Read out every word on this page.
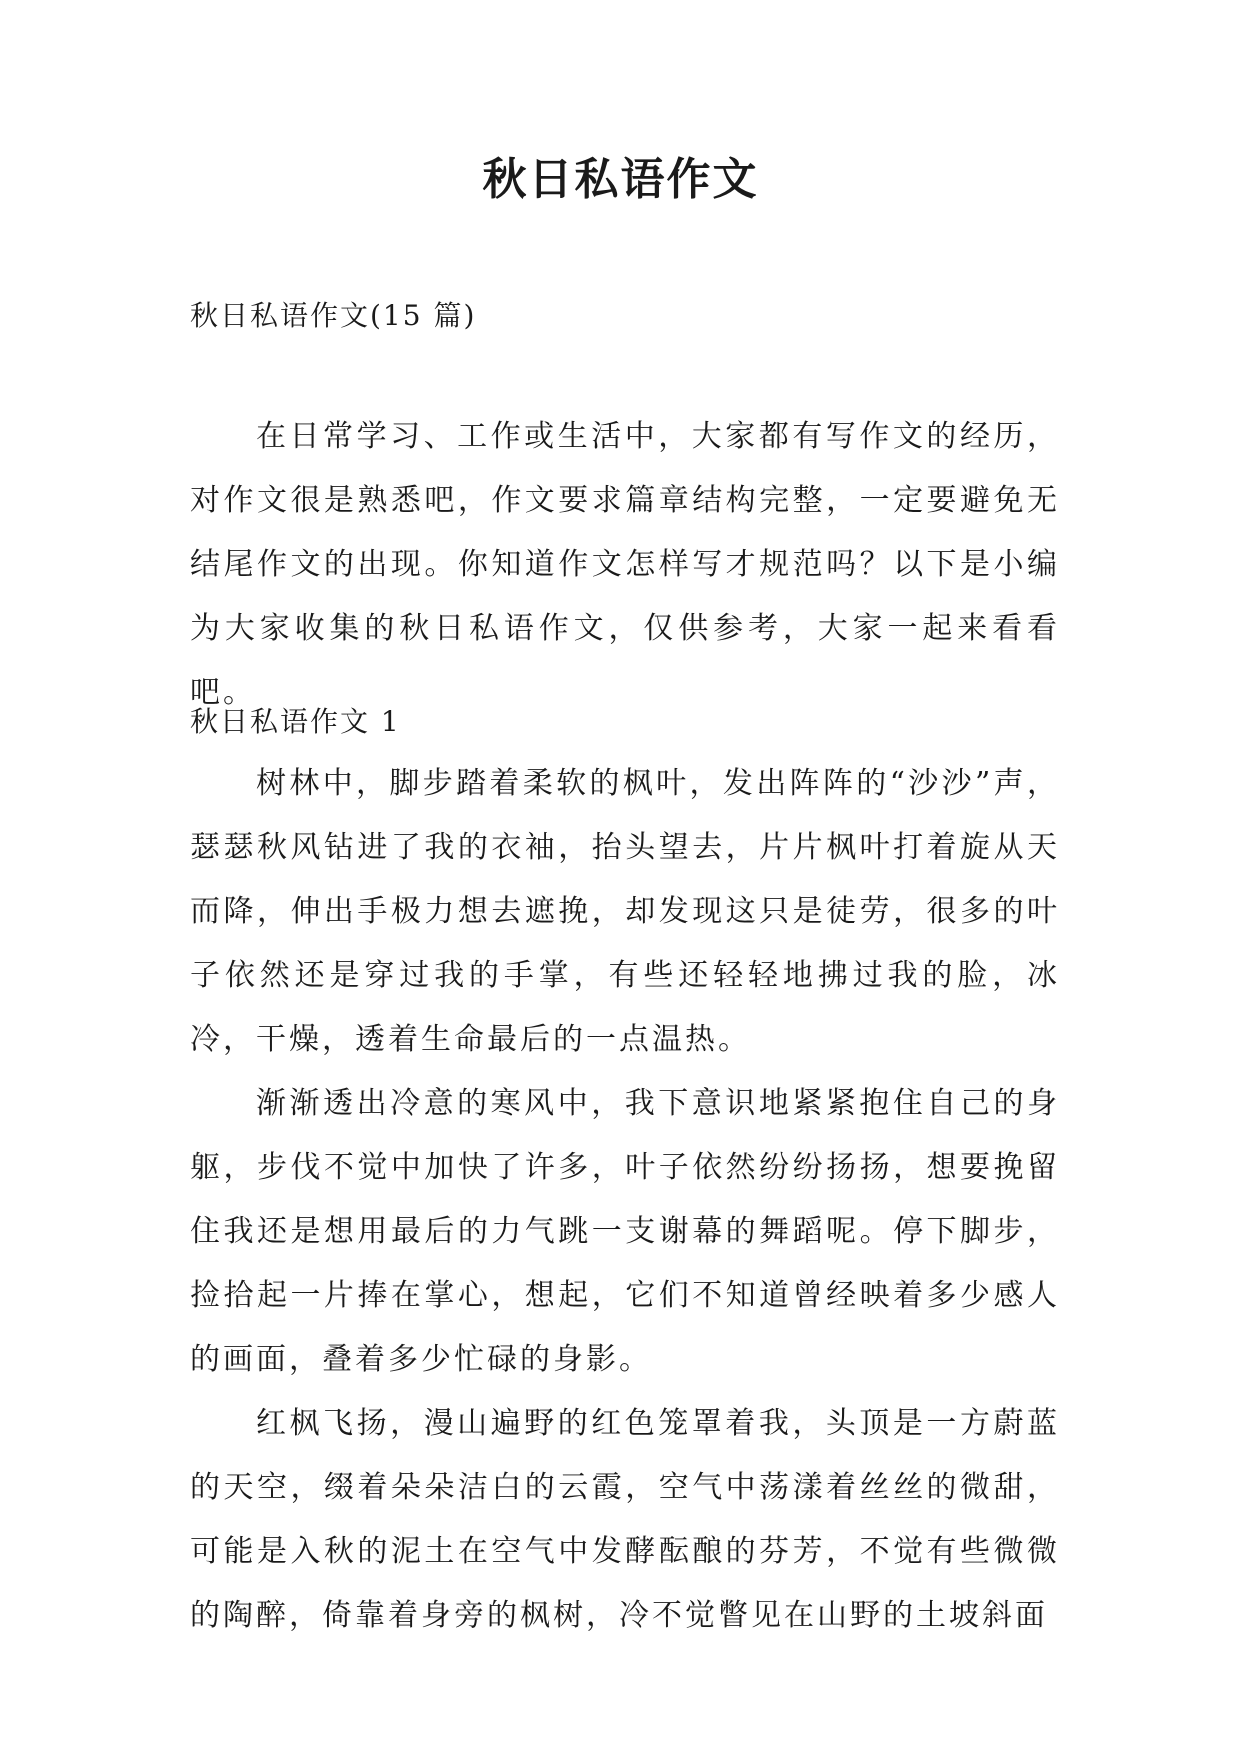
秋日私语作文

秋日私语作文(15 篇)

在日常学习、工作或生活中，大家都有写作文的经历，对作文很是熟悉吧，作文要求篇章结构完整，一定要避免无结尾作文的出现。你知道作文怎样写才规范吗？以下是小编为大家收集的秋日私语作文，仅供参考，大家一起来看看吧。

秋日私语作文 1

树林中，脚步踏着柔软的枫叶，发出阵阵的“沙沙”声，瑟瑟秋风钻进了我的衣袖，抬头望去，片片枫叶打着旋从天而降，伸出手极力想去遮挽，却发现这只是徒劳，很多的叶子依然还是穿过我的手掌，有些还轻轻地拂过我的脸，冰冷，干燥，透着生命最后的一点温热。

渐渐透出冷意的寒风中，我下意识地紧紧抱住自己的身躯，步伐不觉中加快了许多，叶子依然纷纷扬扬，想要挽留住我还是想用最后的力气跳一支谢幕的舞蹈呢。停下脚步，捡拾起一片捧在掌心，想起，它们不知道曾经映着多少感人的画面，叠着多少忙碌的身影。

红枫飞扬，漫山遍野的红色笼罩着我，头顶是一方蔚蓝的天空，缀着朵朵洁白的云霞，空气中荡漾着丝丝的微甜，可能是入秋的泥土在空气中发酵酝酿的芬芳，不觉有些微微的陶醉，倚靠着身旁的枫树，冷不觉瞥见在山野的土坡斜面
